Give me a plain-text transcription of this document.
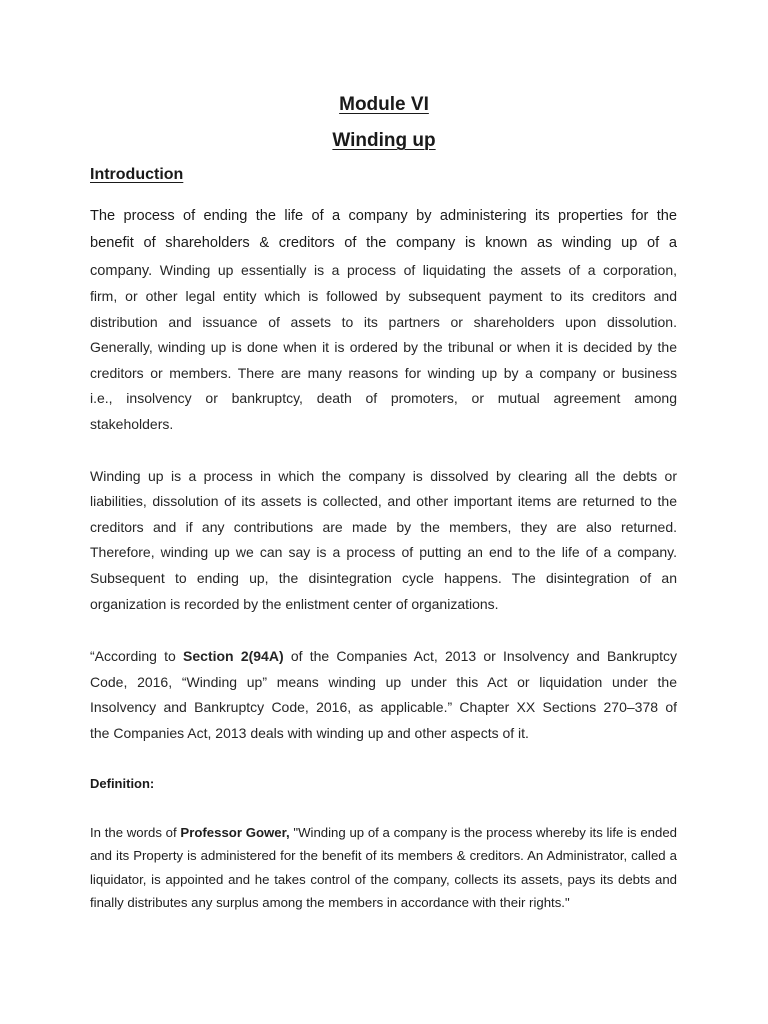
Module VI
Winding up
Introduction
The process of ending the life of a company by administering its properties for the
benefit of shareholders & creditors of the company is known as winding up of a
company. Winding up essentially is a process of liquidating the assets of a corporation,
firm, or other legal entity which is followed by subsequent payment to its creditors and
distribution and issuance of assets to its partners or shareholders upon dissolution.
Generally, winding up is done when it is ordered by the tribunal or when it is decided by the
creditors or members. There are many reasons for winding up by a company or business
i.e., insolvency or bankruptcy, death of promoters, or mutual agreement among
stakeholders.
Winding up is a process in which the company is dissolved by clearing all the debts or
liabilities, dissolution of its assets is collected, and other important items are returned to the
creditors and if any contributions are made by the members, they are also returned.
Therefore, winding up we can say is a process of putting an end to the life of a company.
Subsequent to ending up, the disintegration cycle happens. The disintegration of an
organization is recorded by the enlistment center of organizations.
“According to Section 2(94A) of the Companies Act, 2013 or Insolvency and Bankruptcy
Code, 2016, “Winding up” means winding up under this Act or liquidation under the
Insolvency and Bankruptcy Code, 2016, as applicable.” Chapter XX Sections 270–378 of
the Companies Act, 2013 deals with winding up and other aspects of it.
Definition:
In the words of Professor Gower, "Winding up of a company is the process whereby its life is ended
and its Property is administered for the benefit of its members & creditors. An Administrator, called a
liquidator, is appointed and he takes control of the company, collects its assets, pays its debts and
finally distributes any surplus among the members in accordance with their rights."
